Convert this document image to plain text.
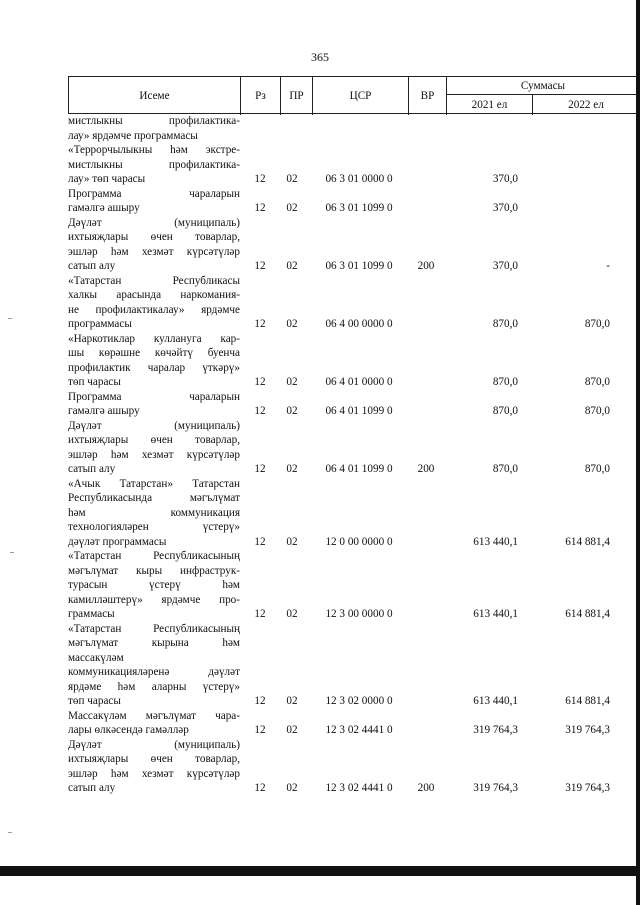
365
Исеме	Рз	ПР	ЦСР	ВР
Суммасы
2021 ел	2022 ел
мистлыкны профилактика-
лау» ярдәмче программасы
«Террорчылыкны һәм экстре-
мистлыкны профилактика-
лау» төп чарасы	12	02	06 3 01 0000 0	370,0
Программа чараларын
гамәлгә ашыру	12	02	06 3 01 1099 0	370,0
Дәүләт (муниципаль)
ихтыяҗлары өчен товарлар,
эшләр һәм хезмәт күрсәтүләр
сатып алу	12	02	06 3 01 1099 0	200	370,0	-
«Татарстан Республикасы
халкы арасында наркомания-
не профилактикалау» ярдәмче
программасы	12	02	06 4 00 0000 0	870,0	870,0
«Наркотиклар куллануга кар-
шы көрәшне көчәйтү буенча
профилактик чаралар үткәрү»
төп чарасы	12	02	06 4 01 0000 0	870,0	870,0
Программа чараларын
гамәлгә ашыру	12	02	06 4 01 1099 0	870,0	870,0
Дәүләт (муниципаль)
ихтыяҗлары өчен товарлар,
эшләр һәм хезмәт күрсәтүләр
сатып алу	12	02	06 4 01 1099 0	200	870,0	870,0
«Ачык Татарстан» Татарстан
Республикасында мәгълүмат
һәм коммуникация
технологияләрен үстерү»
дәүләт программасы	12	02	12 0 00 0000 0	613 440,1	614 881,4
«Татарстан Республикасының
мәгълүмат кыры инфраструк-
турасын үстерү һәм
камилләштерү» ярдәмче про-
граммасы	12	02	12 3 00 0000 0	613 440,1	614 881,4
«Татарстан Республикасының
мәгълүмат кырына һәм
массакүләм
коммуникацияләренә дәүләт
ярдәме һәм аларны үстерү»
төп чарасы	12	02	12 3 02 0000 0	613 440,1	614 881,4
Массакүләм мәгълүмат чара-
лары өлкәсендә гамәлләр	12	02	12 3 02 4441 0	319 764,3	319 764,3
Дәүләт (муниципаль)
ихтыяҗлары өчен товарлар,
эшләр һәм хезмәт күрсәтүләр
сатып алу	12	02	12 3 02 4441 0	200	319 764,3	319 764,3
